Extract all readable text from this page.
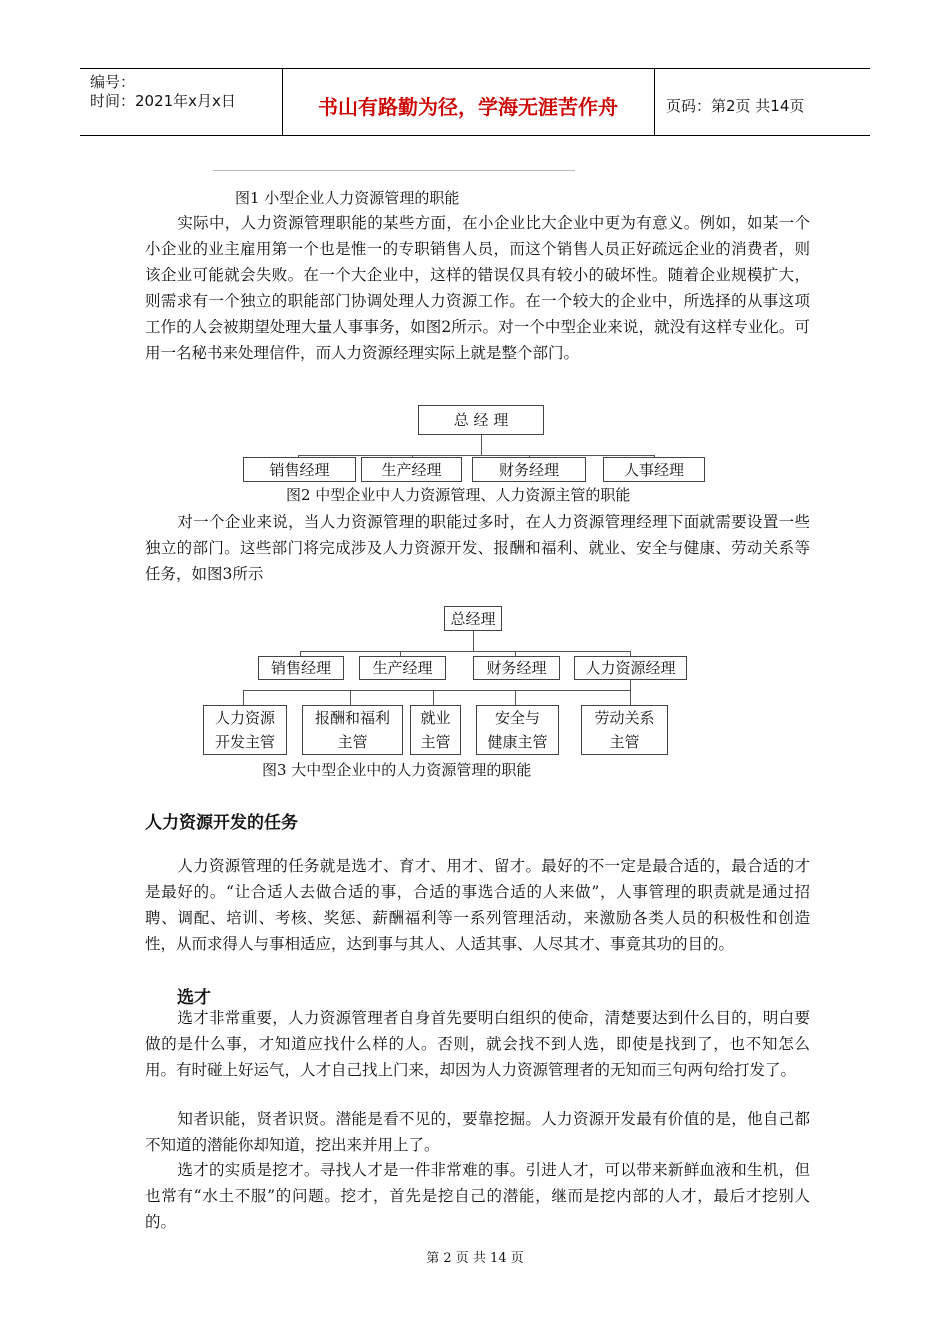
编号：
时间：2021年x月x日	书山有路勤为径，学海无涯苦作舟	页码：第2页 共14页
图1 小型企业人力资源管理的职能
实际中，人力资源管理职能的某些方面，在小企业比大企业中更为有意义。例如，如某一个小企业的业主雇用第一个也是惟一的专职销售人员，而这个销售人员正好疏远企业的消费者，则该企业可能就会失败。在一个大企业中，这样的错误仅具有较小的破坏性。随着企业规模扩大，则需求有一个独立的职能部门协调处理人力资源工作。在一个较大的企业中，所选择的从事这项工作的人会被期望处理大量人事事务，如图2所示。对一个中型企业来说，就没有这样专业化。可用一名秘书来处理信件，而人力资源经理实际上就是整个部门。
总 经 理
销售经理	生产经理	财务经理	人事经理
图2 中型企业中人力资源管理、人力资源主管的职能
对一个企业来说，当人力资源管理的职能过多时，在人力资源管理经理下面就需要设置一些独立的部门。这些部门将完成涉及人力资源开发、报酬和福利、就业、安全与健康、劳动关系等任务，如图3所示
总经理
销售经理	生产经理	财务经理	人力资源经理
人力资源
开发主管
报酬和福利
主管
就业
主管
安全与
健康主管
劳动关系
主管
图3 大中型企业中的人力资源管理的职能
人力资源开发的任务
人力资源管理的任务就是选才、育才、用才、留才。最好的不一定是最合适的，最合适的才是最好的。“让合适人去做合适的事，合适的事选合适的人来做”，人事管理的职责就是通过招聘、调配、培训、考核、奖惩、薪酬福利等一系列管理活动，来激励各类人员的积极性和创造性，从而求得人与事相适应，达到事与其人、人适其事、人尽其才、事竟其功的目的。
选才
选才非常重要，人力资源管理者自身首先要明白组织的使命，清楚要达到什么目的，明白要做的是什么事，才知道应找什么样的人。否则，就会找不到人选，即使是找到了，也不知怎么用。有时碰上好运气，人才自己找上门来，却因为人力资源管理者的无知而三句两句给打发了。
知者识能，贤者识贤。潜能是看不见的，要靠挖掘。人力资源开发最有价值的是，他自己都不知道的潜能你却知道，挖出来并用上了。
选才的实质是挖才。寻找人才是一件非常难的事。引进人才，可以带来新鲜血液和生机，但也常有“水土不服”的问题。挖才，首先是挖自己的潜能，继而是挖内部的人才，最后才挖别人的。
第 2 页 共 14 页
